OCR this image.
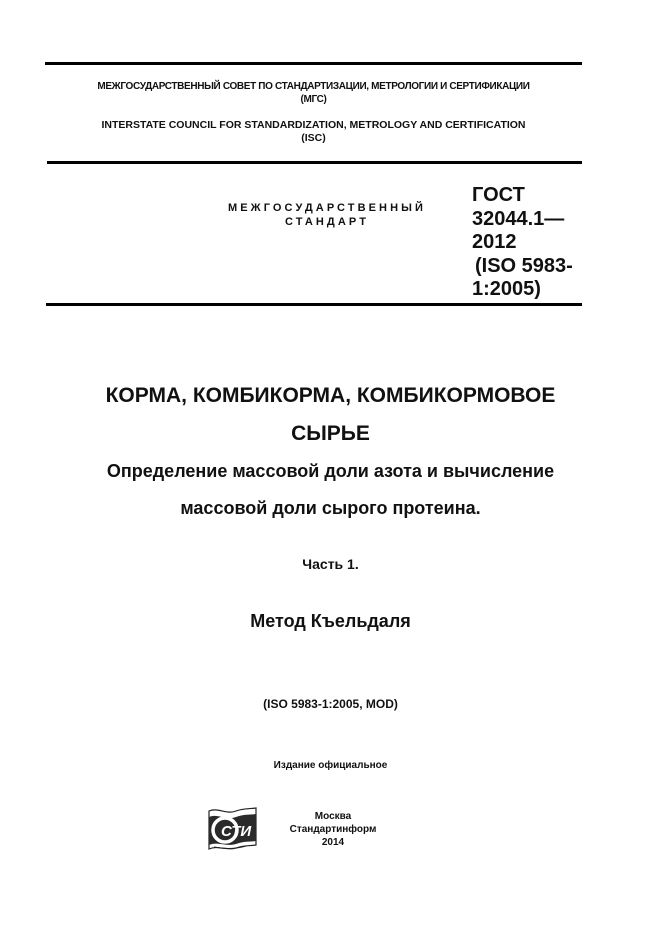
МЕЖГОСУДАРСТВЕННЫЙ СОВЕТ ПО СТАНДАРТИЗАЦИИ, МЕТРОЛОГИИ И СЕРТИФИКАЦИИ
(МГС)
INTERSTATE COUNCIL FOR STANDARDIZATION, METROLOGY AND CERTIFICATION
(ISC)
МЕЖГОСУДАРСТВЕННЫЙ
СТАНДАРТ
ГОСТ
32044.1—
2012
(ISO 5983-
1:2005)
КОРМА, КОМБИКОРМА, КОМБИКОРМОВОЕ
СЫРЬЕ
Определение массовой доли азота и вычисление
массовой доли сырого протеина.
Часть 1.
Метод Къельдаля
(ISO 5983-1:2005, MOD)
Издание официальное
СТИ
Москва
Стандартинформ
2014
